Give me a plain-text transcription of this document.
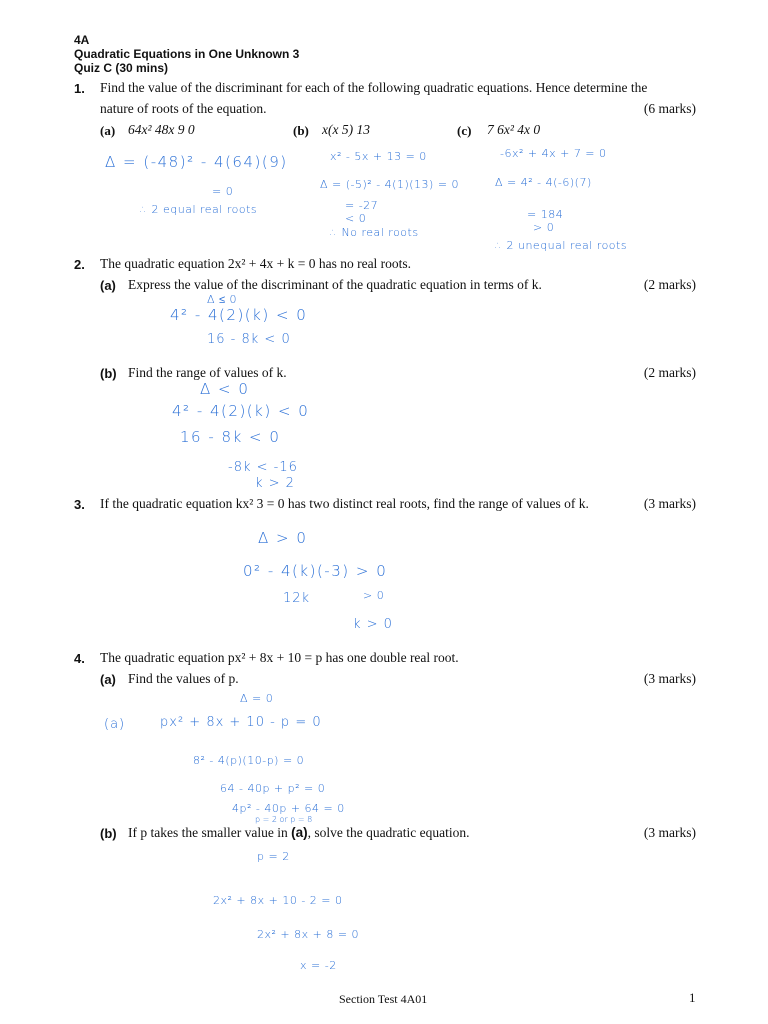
4A
Quadratic Equations in One Unknown 3
Quiz C (30 mins)
1. Find the value of the discriminant for each of the following quadratic equations. Hence determine the
nature of roots of the equation.	(6 marks)
(a) 64x² 48x 9 0	(b) x(x 5) 13	(c) 7 6x² 4x 0
Δ = (-48)² - 4(64)(9)
= 0
∴ 2 equal real roots
x² - 5x + 13 = 0
Δ = (-5)² - 4(1)(13) = 0
= -27
< 0
∴ No real roots
-6x² + 4x + 7 = 0
Δ = 4² - 4(-6)(7)
= 184
> 0
∴ 2 unequal real roots
2. The quadratic equation 2x² + 4x + k = 0 has no real roots.
(a) Express the value of the discriminant of the quadratic equation in terms of k.	(2 marks)
Δ ≤ 0
4² - 4(2)(k) < 0
16 - 8k < 0
(b) Find the range of values of k.	(2 marks)
Δ < 0
4² - 4(2)(k) < 0
16 - 8k < 0
-8k < -16
k > 2
3. If the quadratic equation kx² 3 = 0 has two distinct real roots, find the range of values of k.	(3 marks)
Δ > 0
0² - 4(k)(-3) > 0
12k	> 0
k > 0
4. The quadratic equation px² + 8x + 10 = p has one double real root.
(a) Find the values of p.	(3 marks)
Δ = 0
(a)	px² + 8x + 10 - p = 0
8² - 4(p)(10-p) = 0
64 - 40p + p² = 0
4p² - 40p + 64 = 0
p = 2 or p = 8
(b) If p takes the smaller value in (a), solve the quadratic equation.	(3 marks)
p = 2
2x² + 8x + 10 - 2 = 0
2x² + 8x + 8 = 0
x = -2
Section Test 4A01	1
